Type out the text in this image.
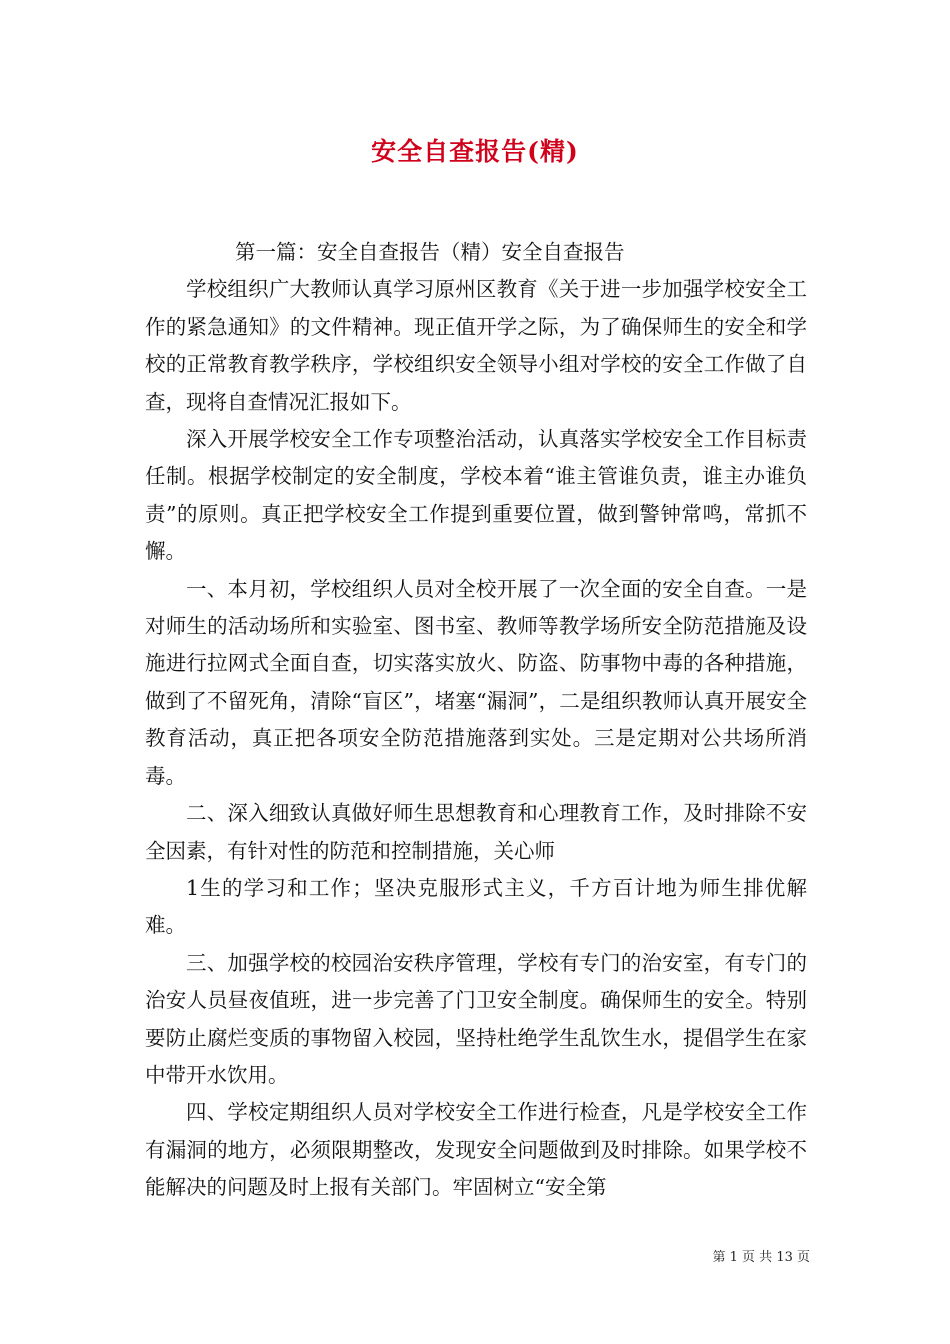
安全自查报告(精)

第一篇：安全自查报告（精）安全自查报告

学校组织广大教师认真学习原州区教育《关于进一步加强学校安全工作的紧急通知》的文件精神。现正值开学之际，为了确保师生的安全和学校的正常教育教学秩序，学校组织安全领导小组对学校的安全工作做了自查，现将自查情况汇报如下。

深入开展学校安全工作专项整治活动，认真落实学校安全工作目标责任制。根据学校制定的安全制度，学校本着“谁主管谁负责，谁主办谁负责”的原则。真正把学校安全工作提到重要位置，做到警钟常鸣，常抓不懈。

一、本月初，学校组织人员对全校开展了一次全面的安全自查。一是对师生的活动场所和实验室、图书室、教师等教学场所安全防范措施及设施进行拉网式全面自查，切实落实放火、防盗、防事物中毒的各种措施，做到了不留死角，清除“盲区”，堵塞“漏洞”，二是组织教师认真开展安全教育活动，真正把各项安全防范措施落到实处。三是定期对公共场所消毒。

二、深入细致认真做好师生思想教育和心理教育工作，及时排除不安全因素，有针对性的防范和控制措施，关心师

1生的学习和工作；坚决克服形式主义，千方百计地为师生排优解难。

三、加强学校的校园治安秩序管理，学校有专门的治安室，有专门的治安人员昼夜值班，进一步完善了门卫安全制度。确保师生的安全。特别要防止腐烂变质的事物留入校园，坚持杜绝学生乱饮生水，提倡学生在家中带开水饮用。

四、学校定期组织人员对学校安全工作进行检查，凡是学校安全工作有漏洞的地方，必须限期整改，发现安全问题做到及时排除。如果学校不能解决的问题及时上报有关部门。牢固树立“安全第

第 1 页 共 13 页
